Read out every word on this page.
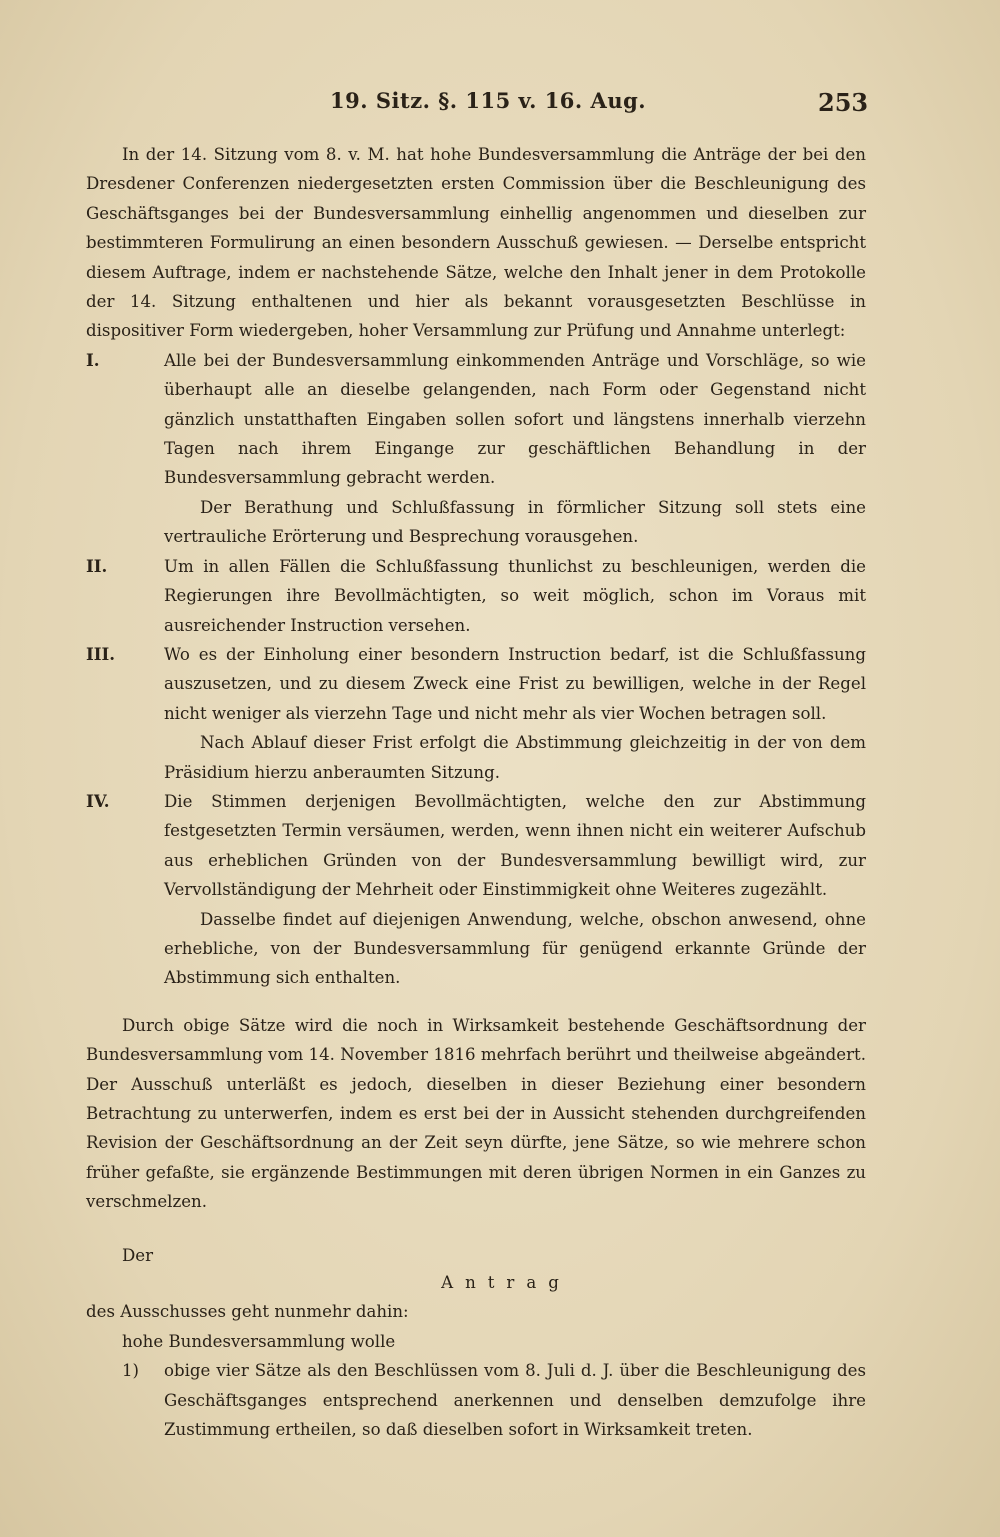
19. Sitz. §. 115 v. 16. Aug.	253

In der 14. Sitzung vom 8. v. M. hat hohe Bundesversammlung die Anträge der bei den Dresdener Conferenzen niedergesetzten ersten Commission über die Beschleunigung des Geschäftsganges bei der Bundesversammlung einhellig angenommen und dieselben zur bestimmteren Formulirung an einen besondern Ausschuß gewiesen. — Derselbe entspricht diesem Auftrage, indem er nachstehende Sätze, welche den Inhalt jener in dem Protokolle der 14. Sitzung enthaltenen und hier als bekannt vorausgesetzten Beschlüsse in dispositiver Form wiedergeben, hoher Versammlung zur Prüfung und Annahme unterlegt:

I.	Alle bei der Bundesversammlung einkommenden Anträge und Vorschläge, so wie überhaupt alle an dieselbe gelangenden, nach Form oder Gegenstand nicht gänzlich unstatthaften Eingaben sollen sofort und längstens innerhalb vierzehn Tagen nach ihrem Eingange zur geschäftlichen Behandlung in der Bundesversammlung gebracht werden.

Der Berathung und Schlußfassung in förmlicher Sitzung soll stets eine vertrauliche Erörterung und Besprechung vorausgehen.

II.	Um in allen Fällen die Schlußfassung thunlichst zu beschleunigen, werden die Regierungen ihre Bevollmächtigten, so weit möglich, schon im Voraus mit ausreichender Instruction versehen.

III.	Wo es der Einholung einer besondern Instruction bedarf, ist die Schlußfassung auszusetzen, und zu diesem Zweck eine Frist zu bewilligen, welche in der Regel nicht weniger als vierzehn Tage und nicht mehr als vier Wochen betragen soll.

Nach Ablauf dieser Frist erfolgt die Abstimmung gleichzeitig in der von dem Präsidium hierzu anberaumten Sitzung.

IV.	Die Stimmen derjenigen Bevollmächtigten, welche den zur Abstimmung festgesetzten Termin versäumen, werden, wenn ihnen nicht ein weiterer Aufschub aus erheblichen Gründen von der Bundesversammlung bewilligt wird, zur Vervollständigung der Mehrheit oder Einstimmigkeit ohne Weiteres zugezählt.

Dasselbe findet auf diejenigen Anwendung, welche, obschon anwesend, ohne erhebliche, von der Bundesversammlung für genügend erkannte Gründe der Abstimmung sich enthalten.

Durch obige Sätze wird die noch in Wirksamkeit bestehende Geschäftsordnung der Bundesversammlung vom 14. November 1816 mehrfach berührt und theilweise abgeändert. Der Ausschuß unterläßt es jedoch, dieselben in dieser Beziehung einer besondern Betrachtung zu unterwerfen, indem es erst bei der in Aussicht stehenden durchgreifenden Revision der Geschäftsordnung an der Zeit seyn dürfte, jene Sätze, so wie mehrere schon früher gefaßte, sie ergänzende Bestimmungen mit deren übrigen Normen in ein Ganzes zu verschmelzen.

Der

Antrag

des Ausschusses geht nunmehr dahin:

hohe Bundesversammlung wolle

1)	obige vier Sätze als den Beschlüssen vom 8. Juli d. J. über die Beschleunigung des Geschäftsganges entsprechend anerkennen und denselben demzufolge ihre Zustimmung ertheilen, so daß dieselben sofort in Wirksamkeit treten.
